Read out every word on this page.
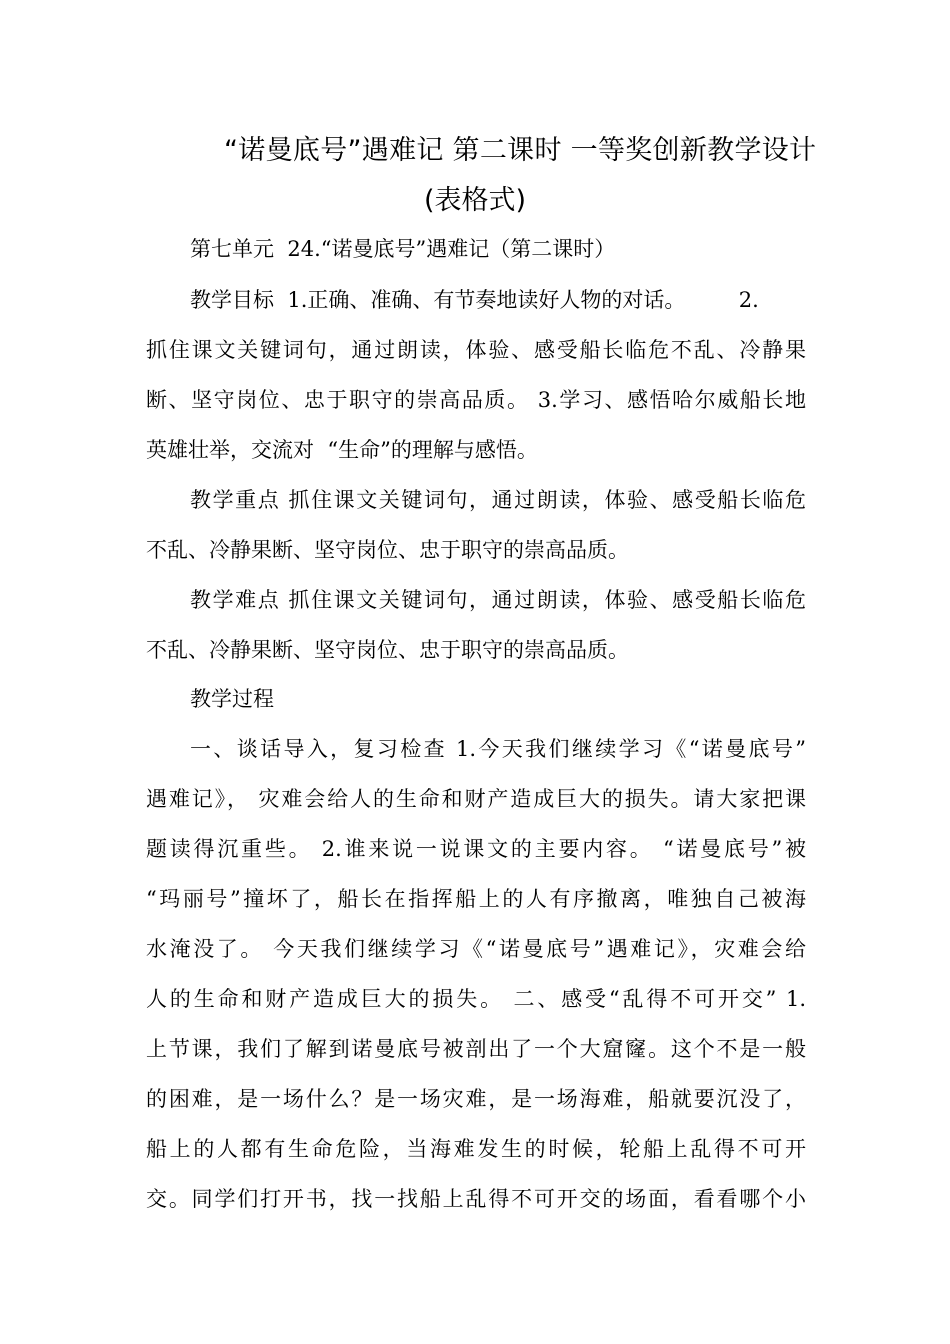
“诺曼底号”遇难记 第二课时 一等奖创新教学设计
(表格式)
第七单元  24.“诺曼底号”遇难记（第二课时）
教学目标  1.正确、准确、有节奏地读好人物的对话。        2.
抓住课文关键词句，通过朗读，体验、感受船长临危不乱、冷静果
断、坚守岗位、忠于职守的崇高品质。 3.学习、感悟哈尔威船长地
英雄壮举，交流对  “生命”的理解与感悟。
教学重点 抓住课文关键词句，通过朗读，体验、感受船长临危
不乱、冷静果断、坚守岗位、忠于职守的崇高品质。
教学难点 抓住课文关键词句，通过朗读，体验、感受船长临危
不乱、冷静果断、坚守岗位、忠于职守的崇高品质。
教学过程
一、谈话导入，复习检查 1.今天我们继续学习《“诺曼底号”
遇难记》， 灾难会给人的生命和财产造成巨大的损失。请大家把课
题读得沉重些。 2.谁来说一说课文的主要内容。 “诺曼底号”被
“玛丽号”撞坏了，船长在指挥船上的人有序撤离，唯独自己被海
水淹没了。 今天我们继续学习《“诺曼底号”遇难记》，灾难会给
人的生命和财产造成巨大的损失。 二、感受“乱得不可开交” 1.
上节课，我们了解到诺曼底号被剖出了一个大窟窿。这个不是一般
的困难，是一场什么？是一场灾难，是一场海难，船就要沉没了，
船上的人都有生命危险，当海难发生的时候，轮船上乱得不可开
交。同学们打开书，找一找船上乱得不可开交的场面，看看哪个小
